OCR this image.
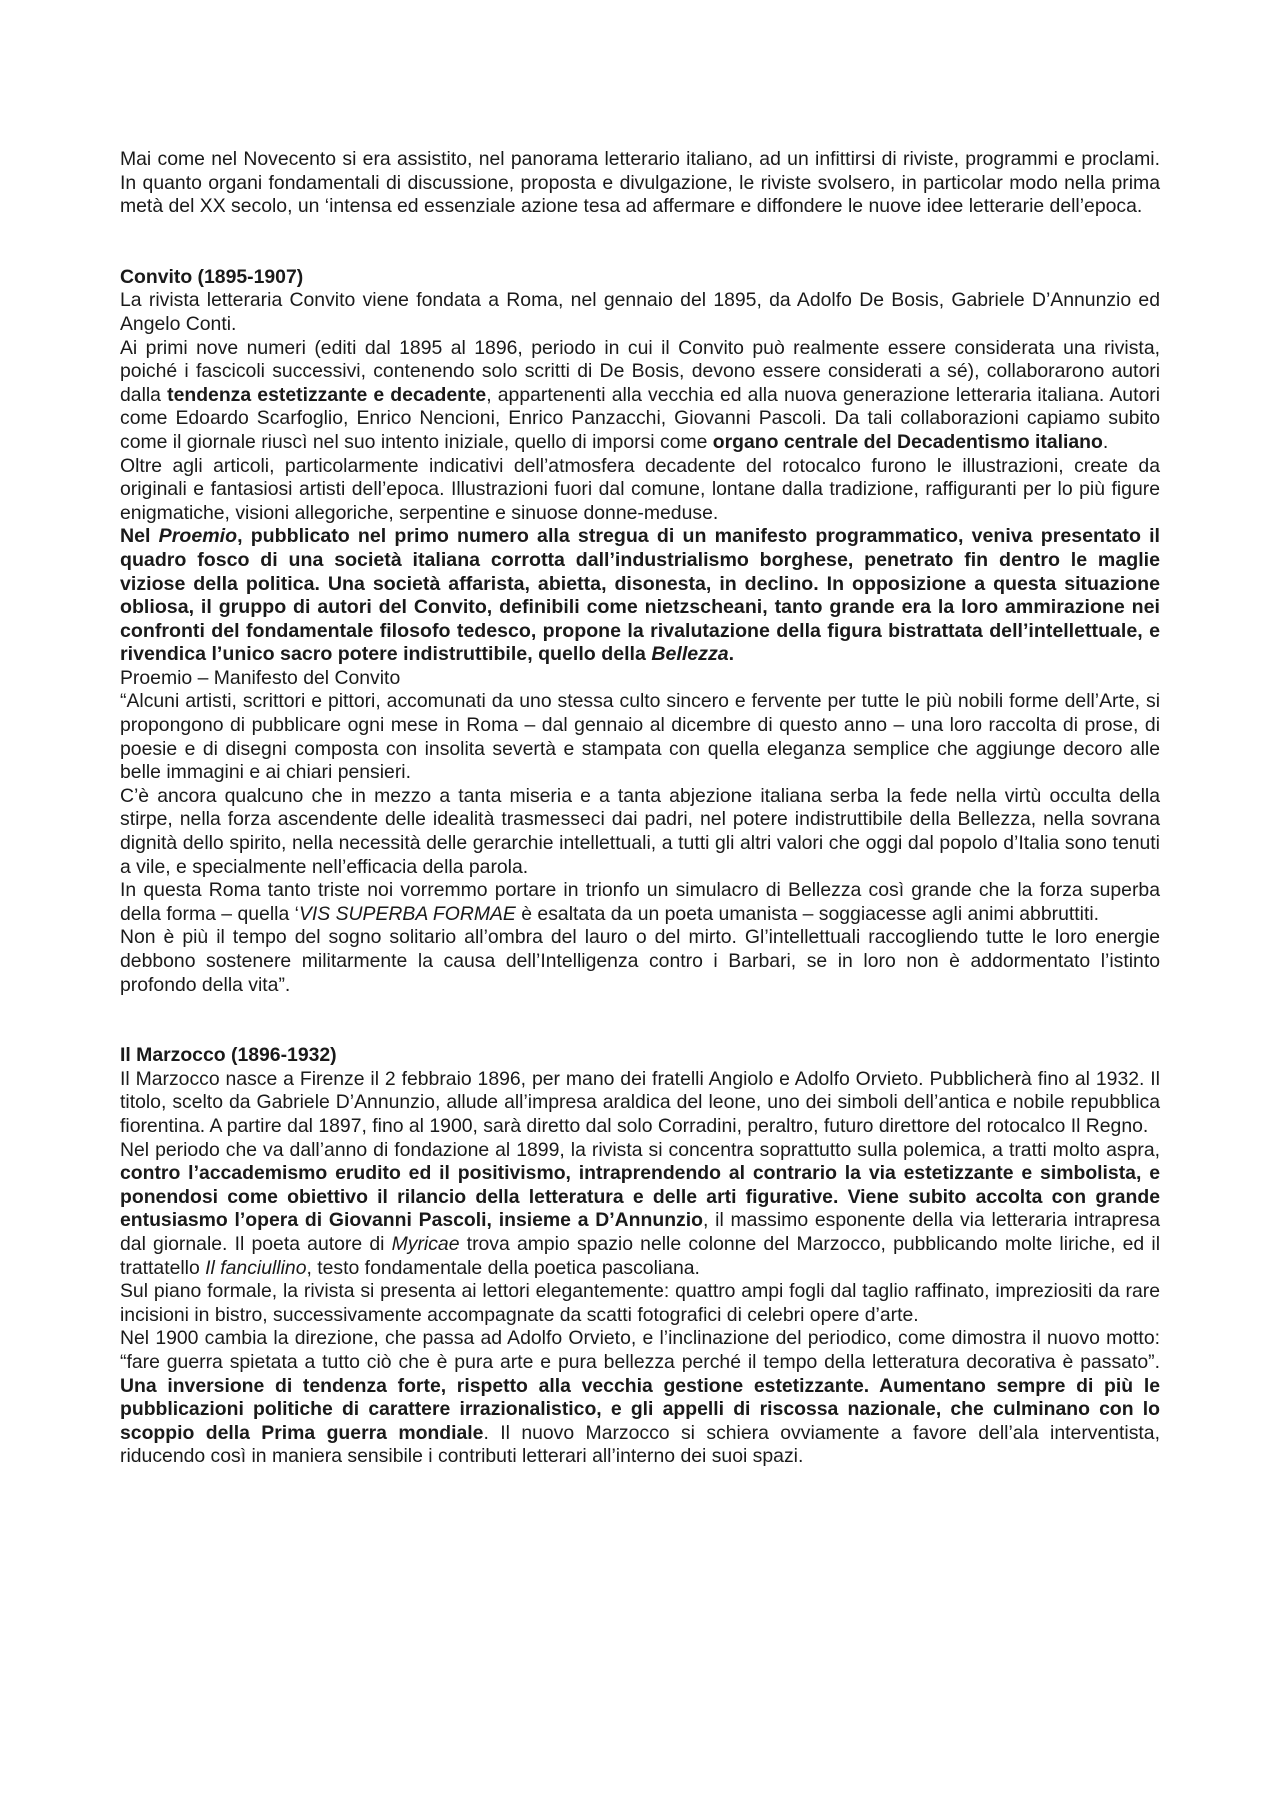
Mai come nel Novecento si era assistito, nel panorama letterario italiano, ad un infittirsi di riviste, programmi e proclami. In quanto organi fondamentali di discussione, proposta e divulgazione, le riviste svolsero, in particolar modo nella prima metà del XX secolo, un ‘intensa ed essenziale azione tesa ad affermare e diffondere le nuove idee letterarie dell’epoca.

Convito (1895-1907)

La rivista letteraria Convito viene fondata a Roma, nel gennaio del 1895, da Adolfo De Bosis, Gabriele D’Annunzio ed Angelo Conti.

Ai primi nove numeri (editi dal 1895 al 1896, periodo in cui il Convito può realmente essere considerata una rivista, poiché i fascicoli successivi, contenendo solo scritti di De Bosis, devono essere considerati a sé), collaborarono autori dalla tendenza estetizzante e decadente, appartenenti alla vecchia ed alla nuova generazione letteraria italiana. Autori come Edoardo Scarfoglio, Enrico Nencioni, Enrico Panzacchi, Giovanni Pascoli. Da tali collaborazioni capiamo subito come il giornale riuscì nel suo intento iniziale, quello di imporsi come organo centrale del Decadentismo italiano.

Oltre agli articoli, particolarmente indicativi dell’atmosfera decadente del rotocalco furono le illustrazioni, create da originali e fantasiosi artisti dell’epoca. Illustrazioni fuori dal comune, lontane dalla tradizione, raffiguranti per lo più figure enigmatiche, visioni allegoriche, serpentine e sinuose donne-meduse.

Nel Proemio, pubblicato nel primo numero alla stregua di un manifesto programmatico, veniva presentato il quadro fosco di una società italiana corrotta dall’industrialismo borghese, penetrato fin dentro le maglie viziose della politica. Una società affarista, abietta, disonesta, in declino. In opposizione a questa situazione obliosa, il gruppo di autori del Convito, definibili come nietzscheani, tanto grande era la loro ammirazione nei confronti del fondamentale filosofo tedesco, propone la rivalutazione della figura bistrattata dell’intellettuale, e rivendica l’unico sacro potere indistruttibile, quello della Bellezza.

Proemio – Manifesto del Convito

“Alcuni artisti, scrittori e pittori, accomunati da uno stessa culto sincero e fervente per tutte le più nobili forme dell’Arte, si propongono di pubblicare ogni mese in Roma – dal gennaio al dicembre di questo anno – una loro raccolta di prose, di poesie e di disegni composta con insolita severtà e stampata con quella eleganza semplice che aggiunge decoro alle belle immagini e ai chiari pensieri.

C’è ancora qualcuno che in mezzo a tanta miseria e a tanta abjezione italiana serba la fede nella virtù occulta della stirpe, nella forza ascendente delle idealità trasmesseci dai padri, nel potere indistruttibile della Bellezza, nella sovrana dignità dello spirito, nella necessità delle gerarchie intellettuali, a tutti gli altri valori che oggi dal popolo d’Italia sono tenuti a vile, e specialmente nell’efficacia della parola.

In questa Roma tanto triste noi vorremmo portare in trionfo un simulacro di Bellezza così grande che la forza superba della forma – quella ‘VIS SUPERBA FORMAE è esaltata da un poeta umanista – soggiacesse agli animi abbruttiti.

Non è più il tempo del sogno solitario all’ombra del lauro o del mirto. Gl’intellettuali raccogliendo tutte le loro energie debbono sostenere militarmente la causa dell’Intelligenza contro i Barbari, se in loro non è addormentato l’istinto profondo della vita”.

Il Marzocco (1896-1932)

Il Marzocco nasce a Firenze il 2 febbraio 1896, per mano dei fratelli Angiolo e Adolfo Orvieto. Pubblicherà fino al 1932. Il titolo, scelto da Gabriele D’Annunzio, allude all’impresa araldica del leone, uno dei simboli dell’antica e nobile repubblica fiorentina. A partire dal 1897, fino al 1900, sarà diretto dal solo Corradini, peraltro, futuro direttore del rotocalco Il Regno.

Nel periodo che va dall’anno di fondazione al 1899, la rivista si concentra soprattutto sulla polemica, a tratti molto aspra, contro l’accademismo erudito ed il positivismo, intraprendendo al contrario la via estetizzante e simbolista, e ponendosi come obiettivo il rilancio della letteratura e delle arti figurative. Viene subito accolta con grande entusiasmo l’opera di Giovanni Pascoli, insieme a D’Annunzio, il massimo esponente della via letteraria intrapresa dal giornale. Il poeta autore di Myricae trova ampio spazio nelle colonne del Marzocco, pubblicando molte liriche, ed il trattatello Il fanciullino, testo fondamentale della poetica pascoliana.

Sul piano formale, la rivista si presenta ai lettori elegantemente: quattro ampi fogli dal taglio raffinato, impreziositi da rare incisioni in bistro, successivamente accompagnate da scatti fotografici di celebri opere d’arte.

Nel 1900 cambia la direzione, che passa ad Adolfo Orvieto, e l’inclinazione del periodico, come dimostra il nuovo motto: “fare guerra spietata a tutto ciò che è pura arte e pura bellezza perché il tempo della letteratura decorativa è passato”. Una inversione di tendenza forte, rispetto alla vecchia gestione estetizzante. Aumentano sempre di più le pubblicazioni politiche di carattere irrazionalistico, e gli appelli di riscossa nazionale, che culminano con lo scoppio della Prima guerra mondiale. Il nuovo Marzocco si schiera ovviamente a favore dell’ala interventista, riducendo così in maniera sensibile i contributi letterari all’interno dei suoi spazi.
